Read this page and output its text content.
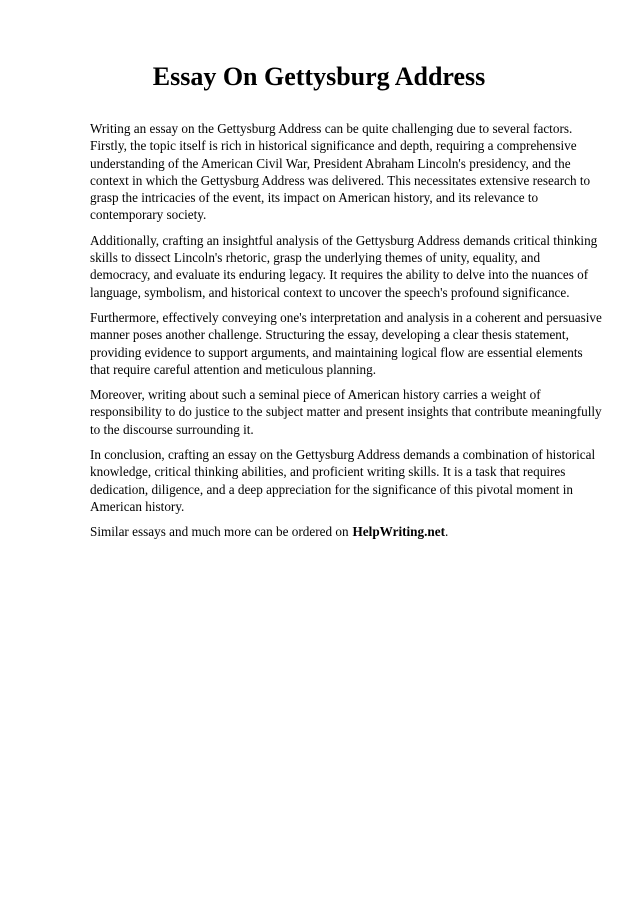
Essay On Gettysburg Address

Writing an essay on the Gettysburg Address can be quite challenging due to several factors.
Firstly, the topic itself is rich in historical significance and depth, requiring a comprehensive
understanding of the American Civil War, President Abraham Lincoln's presidency, and the
context in which the Gettysburg Address was delivered. This necessitates extensive research to
grasp the intricacies of the event, its impact on American history, and its relevance to
contemporary society.

Additionally, crafting an insightful analysis of the Gettysburg Address demands critical thinking
skills to dissect Lincoln's rhetoric, grasp the underlying themes of unity, equality, and
democracy, and evaluate its enduring legacy. It requires the ability to delve into the nuances of
language, symbolism, and historical context to uncover the speech's profound significance.

Furthermore, effectively conveying one's interpretation and analysis in a coherent and persuasive
manner poses another challenge. Structuring the essay, developing a clear thesis statement,
providing evidence to support arguments, and maintaining logical flow are essential elements
that require careful attention and meticulous planning.

Moreover, writing about such a seminal piece of American history carries a weight of
responsibility to do justice to the subject matter and present insights that contribute meaningfully
to the discourse surrounding it.

In conclusion, crafting an essay on the Gettysburg Address demands a combination of historical
knowledge, critical thinking abilities, and proficient writing skills. It is a task that requires
dedication, diligence, and a deep appreciation for the significance of this pivotal moment in
American history.

Similar essays and much more can be ordered on HelpWriting.net.
